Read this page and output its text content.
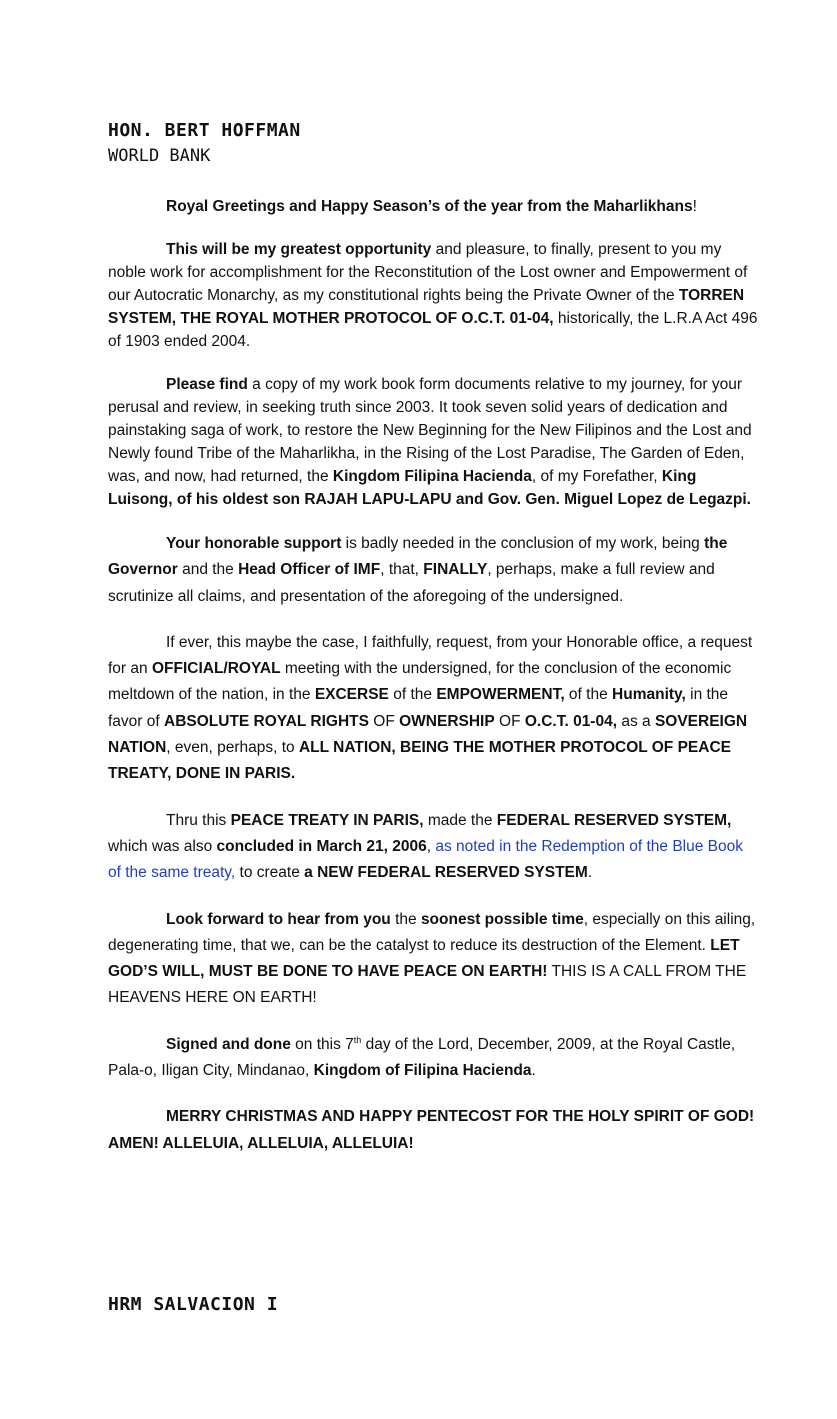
HON. BERT HOFFMAN

WORLD BANK

Royal Greetings and Happy Season’s of the year from the Maharlikhans!

This will be my greatest opportunity and pleasure, to finally, present to you my noble work for accomplishment for the Reconstitution of the Lost owner and Empowerment of our Autocratic Monarchy, as my constitutional rights being the Private Owner of the TORREN SYSTEM, THE ROYAL MOTHER PROTOCOL OF O.C.T. 01-04, historically, the L.R.A Act 496 of 1903 ended 2004.

Please find a copy of my work book form documents relative to my journey, for your perusal and review, in seeking truth since 2003. It took seven solid years of dedication and painstaking saga of work, to restore the New Beginning for the New Filipinos and the Lost and Newly found Tribe of the Maharlikha, in the Rising of the Lost Paradise, The Garden of Eden, was, and now, had returned, the Kingdom Filipina Hacienda, of my Forefather, King Luisong, of his oldest son RAJAH LAPU-LAPU and Gov. Gen. Miguel Lopez de Legazpi.

Your honorable support is badly needed in the conclusion of my work, being the Governor and the Head Officer of IMF, that, FINALLY, perhaps, make a full review and scrutinize all claims, and presentation of the aforegoing of the undersigned.

If ever, this maybe the case, I faithfully, request, from your Honorable office, a request for an OFFICIAL/ROYAL meeting with the undersigned, for the conclusion of the economic meltdown of the nation, in the EXCERSE of the EMPOWERMENT, of the Humanity, in the favor of ABSOLUTE ROYAL RIGHTS OF OWNERSHIP OF O.C.T. 01-04, as a SOVEREIGN NATION, even, perhaps, to ALL NATION, BEING THE MOTHER PROTOCOL OF PEACE TREATY, DONE IN PARIS.

Thru this PEACE TREATY IN PARIS, made the FEDERAL RESERVED SYSTEM, which was also concluded in March 21, 2006, as noted in the Redemption of the Blue Book of the same treaty, to create a NEW FEDERAL RESERVED SYSTEM.

Look forward to hear from you the soonest possible time, especially on this ailing, degenerating time, that we, can be the catalyst to reduce its destruction of the Element. LET GOD’S WILL, MUST BE DONE TO HAVE PEACE ON EARTH! THIS IS A CALL FROM THE HEAVENS HERE ON EARTH!

Signed and done on this 7th day of the Lord, December, 2009, at the Royal Castle, Pala-o, Iligan City, Mindanao, Kingdom of Filipina Hacienda.

MERRY CHRISTMAS AND HAPPY PENTECOST FOR THE HOLY SPIRIT OF GOD! AMEN! ALLELUIA, ALLELUIA, ALLELUIA!

HRM SALVACION I
